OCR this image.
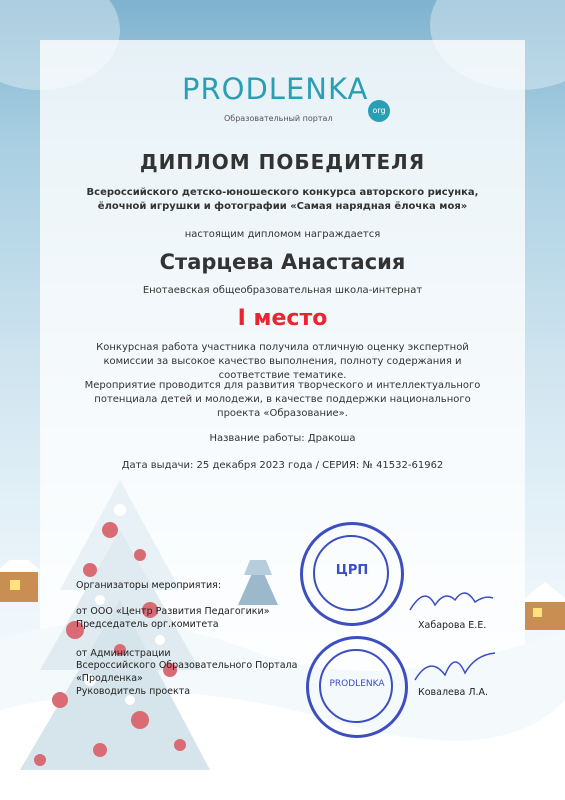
PRODLENKA
org
Образовательный портал
ДИПЛОМ ПОБЕДИТЕЛЯ
Всероссийского детско-юношеского конкурса авторского рисунка, ёлочной игрушки и фотографии «Самая нарядная ёлочка моя»
настоящим дипломом награждается
Старцева Анастасия
Енотаевская общеобразовательная школа-интернат
I место
Конкурсная работа участника получила отличную оценку экспертной комиссии за высокое качество выполнения, полноту содержания и соответствие тематике.
Мероприятие проводится для развития творческого и интеллектуального потенциала детей и молодежи, в качестве поддержки национального проекта «Образование».
Название работы: Дракоша
Дата выдачи: 25 декабря 2023 года / СЕРИЯ: № 41532-61962
ЦРП
PRODLENKA
Организаторы мероприятия:
от ООО «Центр Развития Педагогики»
Председатель орг.комитета	Хабарова Е.Е.
от Администрации
Всероссийского Образовательного Портала
«Продленка»
Руководитель проекта	Ковалева Л.А.
